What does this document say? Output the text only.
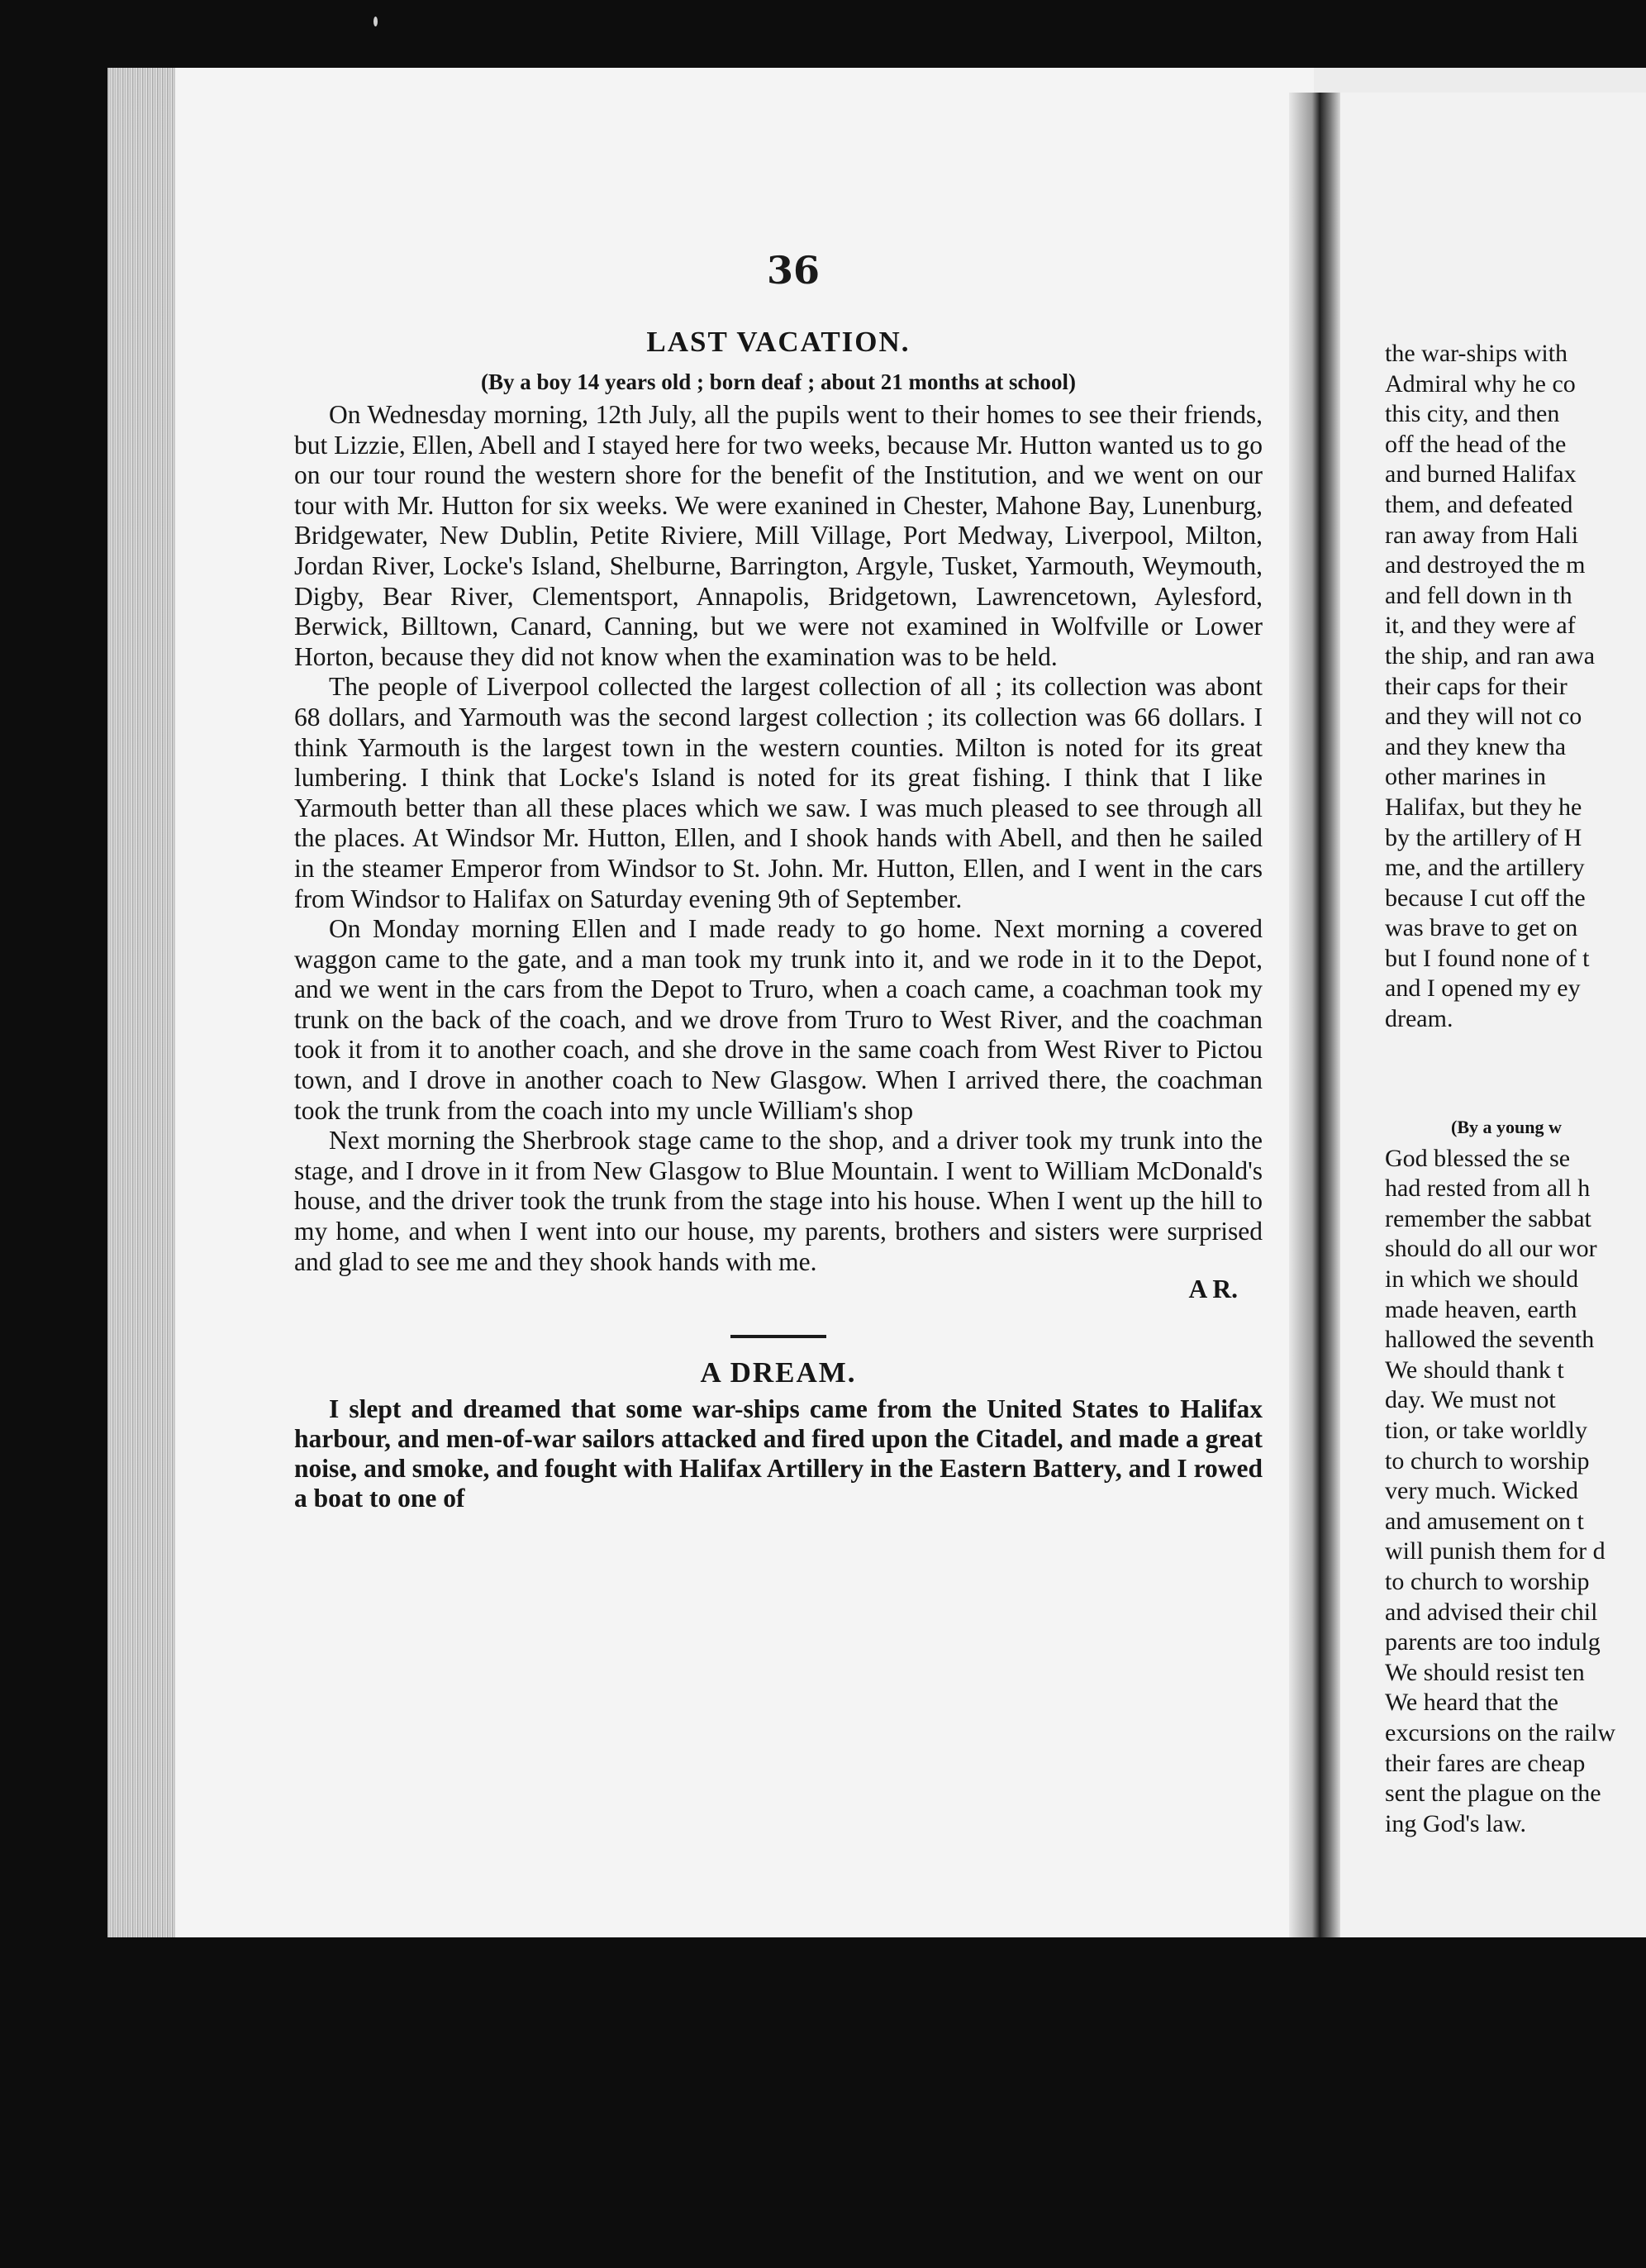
36

LAST VACATION.

(By a boy 14 years old ; born deaf ; about 21 months at school)

On Wednesday morning, 12th July, all the pupils went to their homes to see their friends, but Lizzie, Ellen, Abell and I stayed here for two weeks, because Mr. Hutton wanted us to go on our tour round the western shore for the benefit of the Institution, and we went on our tour with Mr. Hutton for six weeks. We were exanined in Chester, Mahone Bay, Lunenburg, Bridgewater, New Dublin, Petite Riviere, Mill Village, Port Medway, Liverpool, Milton, Jordan River, Locke's Island, Shelburne, Barrington, Argyle, Tusket, Yarmouth, Weymouth, Digby, Bear River, Clementsport, Annapolis, Bridgetown, Lawrencetown, Aylesford, Berwick, Billtown, Canard, Canning, but we were not examined in Wolfville or Lower Horton, because they did not know when the examination was to be held.

The people of Liverpool collected the largest collection of all ; its collection was abont 68 dollars, and Yarmouth was the second largest collection ; its collection was 66 dollars. I think Yarmouth is the largest town in the western counties. Milton is noted for its great lumbering. I think that Locke's Island is noted for its great fishing. I think that I like Yarmouth better than all these places which we saw. I was much pleased to see through all the places. At Windsor Mr. Hutton, Ellen, and I shook hands with Abell, and then he sailed in the steamer Emperor from Windsor to St. John. Mr. Hutton, Ellen, and I went in the cars from Windsor to Halifax on Saturday evening 9th of September.

On Monday morning Ellen and I made ready to go home. Next morning a covered waggon came to the gate, and a man took my trunk into it, and we rode in it to the Depot, and we went in the cars from the Depot to Truro, when a coach came, a coachman took my trunk on the back of the coach, and we drove from Truro to West River, and the coachman took it from it to another coach, and she drove in the same coach from West River to Pictou town, and I drove in another coach to New Glasgow. When I arrived there, the coachman took the trunk from the coach into my uncle William's shop

Next morning the Sherbrook stage came to the shop, and a driver took my trunk into the stage, and I drove in it from New Glasgow to Blue Mountain. I went to William McDonald's house, and the driver took the trunk from the stage into his house. When I went up the hill to my home, and when I went into our house, my parents, brothers and sisters were surprised and glad to see me and they shook hands with me.

A R.

A DREAM.

I slept and dreamed that some war-ships came from the United States to Halifax harbour, and men-of-war sailors attacked and fired upon the Citadel, and made a great noise, and smoke, and fought with Halifax Artillery in the Eastern Battery, and I rowed a boat to one of

the war-ships with
Admiral why he co
this city, and then
off the head of the
and burned Halifax
them, and defeated
ran away from Hali
and destroyed the m
and fell down in th
it, and they were af
the ship, and ran awa
their caps for their
and they will not co
and they knew tha
other marines in
Halifax, but they he
by the artillery of H
me, and the artillery
because I cut off the
was brave to get on
but I found none of t
and I opened my ey
dream.
(By a young w
God blessed the se
had rested from all h
remember the sabbat
should do all our wor
in which we should
made heaven, earth
hallowed the seventh
We should thank t
day. We must not
tion, or take worldly
to church to worship
very much. Wicked
and amusement on t
will punish them for d
to church to worship
and advised their chil
parents are too indulg
We should resist ten
We heard that the
excursions on the railw
their fares are cheap
sent the plague on the
ing God's law.
